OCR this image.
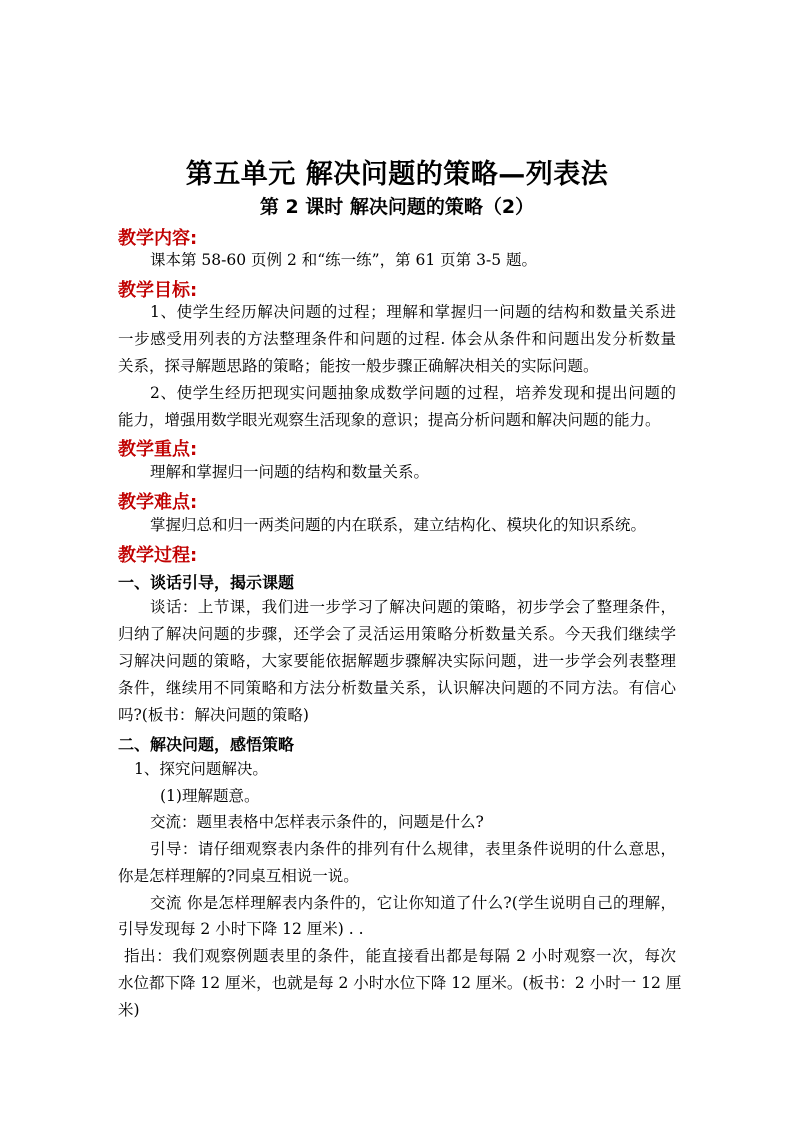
第五单元 解决问题的策略—列表法
第 2 课时 解决问题的策略（2）
教学内容:
课本第 58-60 页例 2 和“练一练”，第 61 页第 3-5 题。
教学目标:
1、使学生经历解决问题的过程；理解和掌握归一问题的结构和数量关系进
一步感受用列表的方法整理条件和问题的过程. 体会从条件和问题出发分析数量
关系，探寻解题思路的策略；能按一般步骤正确解决相关的实际问题。
2、使学生经历把现实问题抽象成数学问题的过程，培养发现和提出问题的
能力，增强用数学眼光观察生活现象的意识；提高分析问题和解决问题的能力。
教学重点:
理解和掌握归一问题的结构和数量关系。
教学难点:
掌握归总和归一两类问题的内在联系，建立结构化、模块化的知识系统。
教学过程:
一、谈话引导，揭示课题
谈话：上节课，我们进一步学习了解决问题的策略，初步学会了整理条件，
归纳了解决问题的步骤，还学会了灵活运用策略分析数量关系。今天我们继续学
习解决问题的策略，大家要能依据解题步骤解决实际问题，进一步学会列表整理
条件，继续用不同策略和方法分析数量关系，认识解决问题的不同方法。有信心
吗?(板书：解决问题的策略)
二、解决问题，感悟策略
1、探究问题解决。
(1)理解题意。
交流：题里表格中怎样表示条件的，问题是什么?
引导：请仔细观察表内条件的排列有什么规律，表里条件说明的什么意思，
你是怎样理解的?同桌互相说一说。
交流 你是怎样理解表内条件的，它让你知道了什么?(学生说明自己的理解，
引导发现每 2 小时下降 12 厘米) . .
指出：我们观察例题表里的条件，能直接看出都是每隔 2 小时观察一次，每次
水位都下降 12 厘米，也就是每 2 小时水位下降 12 厘米。(板书：2 小时一 12 厘
米)
